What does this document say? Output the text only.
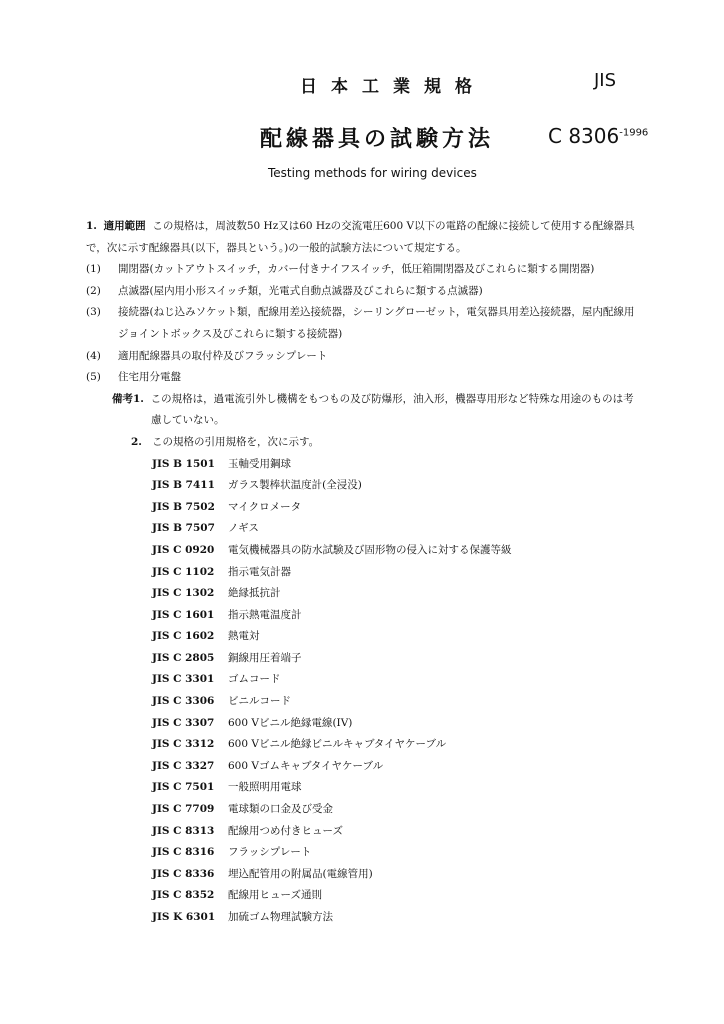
日本工業規格	JIS
配線器具の試験方法	C $8306^{-1996}$
Testing methods for wiring devices
1. 適用範囲 この規格は，周波数50 Hz又は60 Hzの交流電圧600 V以下の電路の配線に接続して使用する配線器具
で，次に示す配線器具(以下，器具という。)の一般的試験方法について規定する。
(1) 開閉器(カットアウトスイッチ，カバー付きナイフスイッチ，低圧箱開閉器及びこれらに類する開閉器)
(2) 点滅器(屋内用小形スイッチ類，光電式自動点滅器及びこれらに類する点滅器)
(3) 接続器(ねじ込みソケット類，配線用差込接続器，シーリングローゼット，電気器具用差込接続器，屋内配線用
ジョイントボックス及びこれらに類する接続器)
(4) 適用配線器具の取付枠及びフラッシプレート
(5) 住宅用分電盤
備考1. この規格は，過電流引外し機構をもつもの及び防爆形，油入形，機器専用形など特殊な用途のものは考
慮していない。
2. この規格の引用規格を，次に示す。
JIS B 1501 玉軸受用鋼球
JIS B 7411 ガラス製棒状温度計(全浸没)
JIS B 7502 マイクロメータ
JIS B 7507 ノギス
JIS C 0920 電気機械器具の防水試験及び固形物の侵入に対する保護等級
JIS C 1102 指示電気計器
JIS C 1302 絶縁抵抗計
JIS C 1601 指示熱電温度計
JIS C 1602 熱電対
JIS C 2805 銅線用圧着端子
JIS C 3301 ゴムコード
JIS C 3306 ビニルコード
JIS C 3307 600 Vビニル絶縁電線(IV)
JIS C 3312 600 Vビニル絶縁ビニルキャブタイヤケーブル
JIS C 3327 600 Vゴムキャブタイヤケーブル
JIS C 7501 一般照明用電球
JIS C 7709 電球類の口金及び受金
JIS C 8313 配線用つめ付きヒューズ
JIS C 8316 フラッシプレート
JIS C 8336 埋込配管用の附属品(電線管用)
JIS C 8352 配線用ヒューズ通則
JIS K 6301 加硫ゴム物理試験方法
